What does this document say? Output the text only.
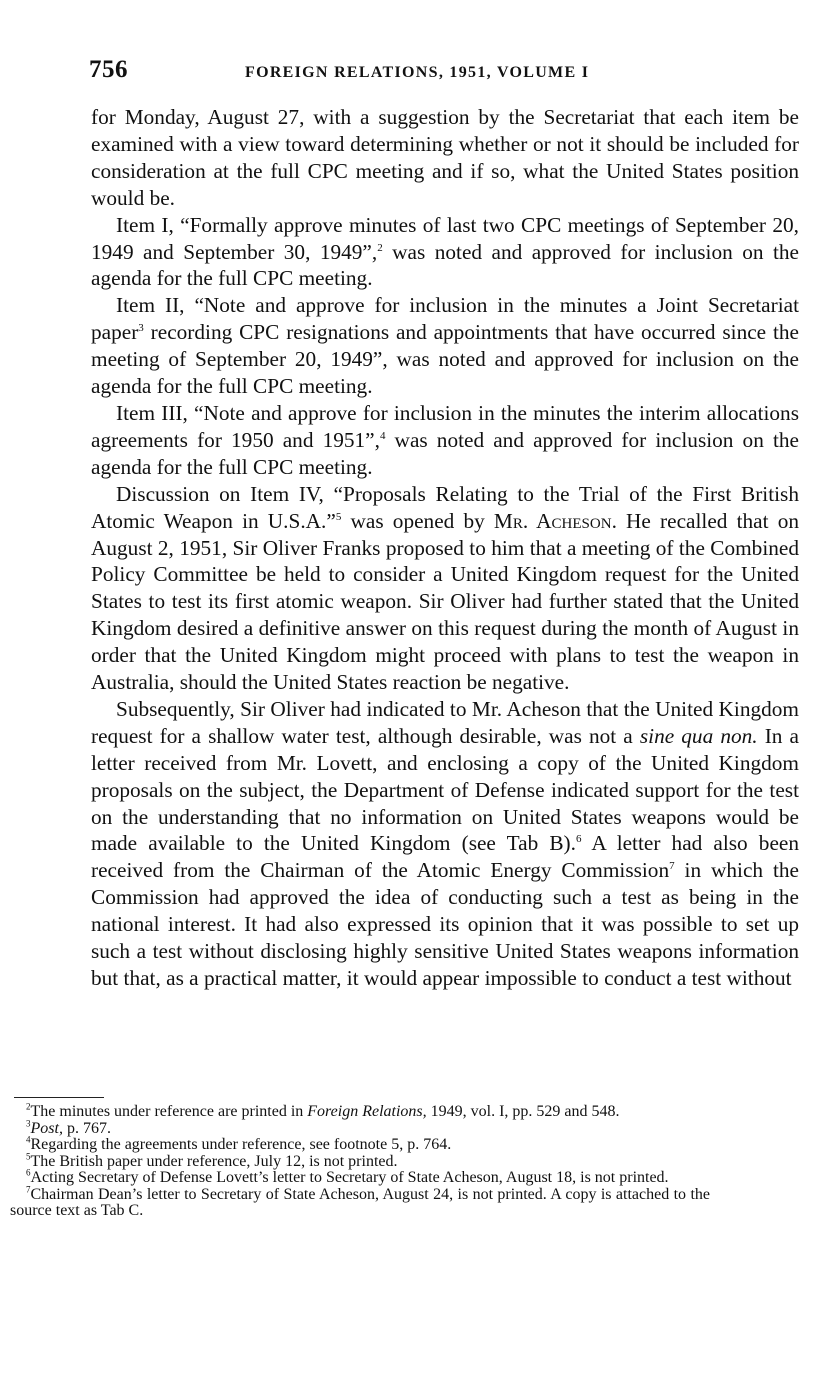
756	FOREIGN RELATIONS, 1951, VOLUME I

for Monday, August 27, with a suggestion by the Secretariat that each item be examined with a view toward determining whether or not it should be included for consideration at the full CPC meeting and if so, what the United States position would be.

Item I, “Formally approve minutes of last two CPC meetings of September 20, 1949 and September 30, 1949”,$^2$ was noted and approved for inclusion on the agenda for the full CPC meeting.

Item II, “Note and approve for inclusion in the minutes a Joint Secretariat paper$^3$ recording CPC resignations and appointments that have occurred since the meeting of September 20, 1949”, was noted and approved for inclusion on the agenda for the full CPC meeting.

Item III, “Note and approve for inclusion in the minutes the interim allocations agreements for 1950 and 1951”,$^4$ was noted and approved for inclusion on the agenda for the full CPC meeting.

Discussion on Item IV, “Proposals Relating to the Trial of the First British Atomic Weapon in U.S.A.”$^5$ was opened by Mr. Acheson. He recalled that on August 2, 1951, Sir Oliver Franks proposed to him that a meeting of the Combined Policy Committee be held to consider a United Kingdom request for the United States to test its first atomic weapon. Sir Oliver had further stated that the United Kingdom desired a definitive answer on this request during the month of August in order that the United Kingdom might proceed with plans to test the weapon in Australia, should the United States reaction be negative.

Subsequently, Sir Oliver had indicated to Mr. Acheson that the United Kingdom request for a shallow water test, although desirable, was not a sine qua non. In a letter received from Mr. Lovett, and enclosing a copy of the United Kingdom proposals on the subject, the Department of Defense indicated support for the test on the understanding that no information on United States weapons would be made available to the United Kingdom (see Tab B).$^6$ A letter had also been received from the Chairman of the Atomic Energy Commission$^7$ in which the Commission had approved the idea of conducting such a test as being in the national interest. It had also expressed its opinion that it was possible to set up such a test without disclosing highly sensitive United States weapons information but that, as a practical matter, it would appear impossible to conduct a test without

$^2$The minutes under reference are printed in Foreign Relations, 1949, vol. I, pp. 529 and 548.

$^3$Post, p. 767.

$^4$Regarding the agreements under reference, see footnote 5, p. 764.

$^5$The British paper under reference, July 12, is not printed.

$^6$Acting Secretary of Defense Lovett’s letter to Secretary of State Acheson, August 18, is not printed.

$^7$Chairman Dean’s letter to Secretary of State Acheson, August 24, is not printed. A copy is attached to the source text as Tab C.
